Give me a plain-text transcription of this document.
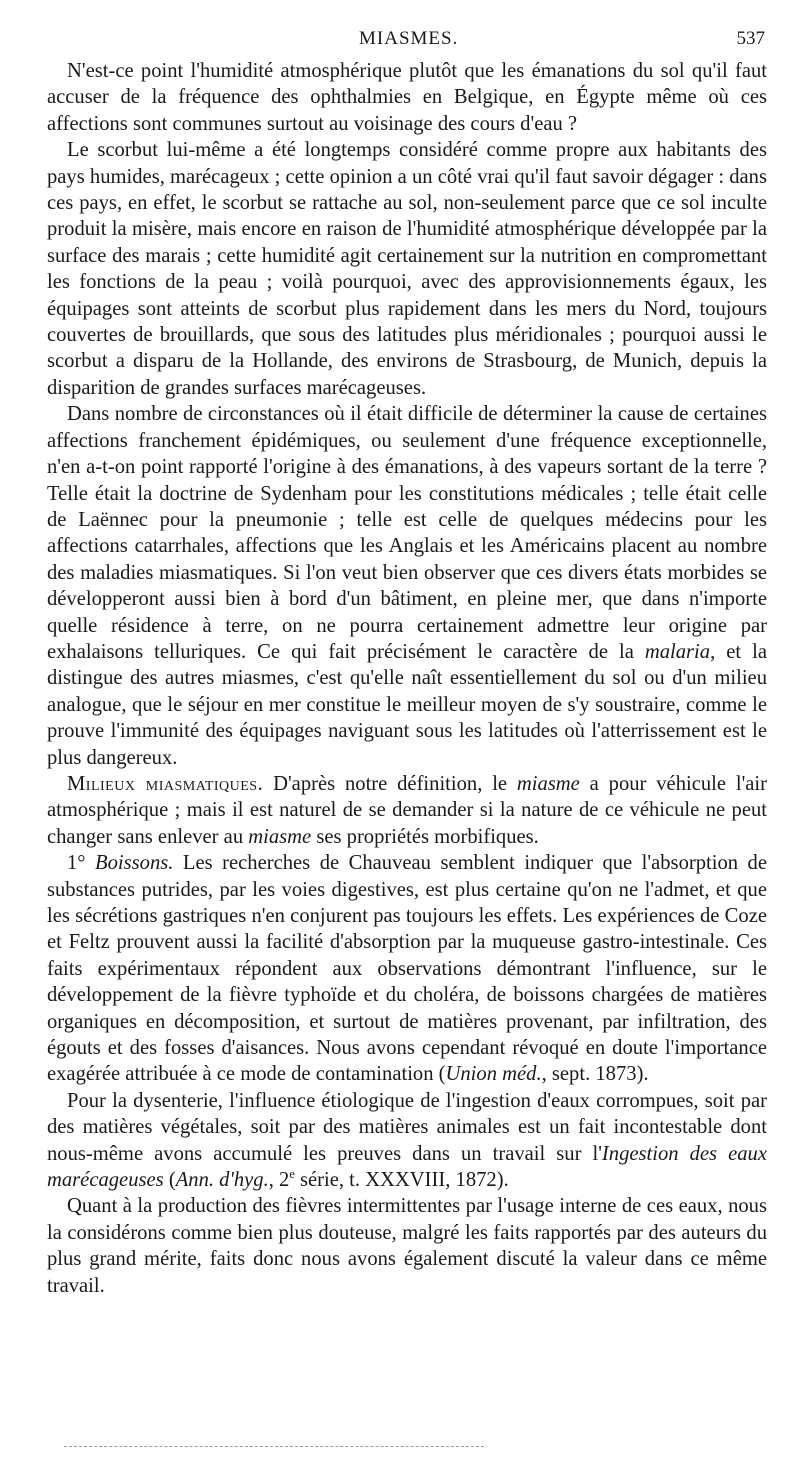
MIASMES.	537

N'est-ce point l'humidité atmosphérique plutôt que les émanations du sol qu'il faut accuser de la fréquence des ophthalmies en Belgique, en Égypte même où ces affections sont communes surtout au voisinage des cours d'eau ?

Le scorbut lui-même a été longtemps considéré comme propre aux habitants des pays humides, marécageux ; cette opinion a un côté vrai qu'il faut savoir dégager : dans ces pays, en effet, le scorbut se rattache au sol, non-seulement parce que ce sol inculte produit la misère, mais encore en raison de l'humidité atmosphérique développée par la surface des marais ; cette humidité agit certainement sur la nutrition en compromettant les fonctions de la peau ; voilà pourquoi, avec des approvisionnements égaux, les équipages sont atteints de scorbut plus rapidement dans les mers du Nord, toujours couvertes de brouillards, que sous des latitudes plus méridionales ; pourquoi aussi le scorbut a disparu de la Hollande, des environs de Strasbourg, de Munich, depuis la disparition de grandes surfaces marécageuses.

Dans nombre de circonstances où il était difficile de déterminer la cause de certaines affections franchement épidémiques, ou seulement d'une fréquence exceptionnelle, n'en a-t-on point rapporté l'origine à des émanations, à des vapeurs sortant de la terre ? Telle était la doctrine de Sydenham pour les constitutions médicales ; telle était celle de Laënnec pour la pneumonie ; telle est celle de quelques médecins pour les affections catarrhales, affections que les Anglais et les Américains placent au nombre des maladies miasmatiques. Si l'on veut bien observer que ces divers états morbides se développeront aussi bien à bord d'un bâtiment, en pleine mer, que dans n'importe quelle résidence à terre, on ne pourra certainement admettre leur origine par exhalaisons telluriques. Ce qui fait précisément le caractère de la malaria, et la distingue des autres miasmes, c'est qu'elle naît essentiellement du sol ou d'un milieu analogue, que le séjour en mer constitue le meilleur moyen de s'y soustraire, comme le prouve l'immunité des équipages naviguant sous les latitudes où l'atterrissement est le plus dangereux.

Milieux miasmatiques. D'après notre définition, le miasme a pour véhicule l'air atmosphérique ; mais il est naturel de se demander si la nature de ce véhicule ne peut changer sans enlever au miasme ses propriétés morbifiques.

1° Boissons. Les recherches de Chauveau semblent indiquer que l'absorption de substances putrides, par les voies digestives, est plus certaine qu'on ne l'admet, et que les sécrétions gastriques n'en conjurent pas toujours les effets. Les expériences de Coze et Feltz prouvent aussi la facilité d'absorption par la muqueuse gastro-intestinale. Ces faits expérimentaux répondent aux observations démontrant l'influence, sur le développement de la fièvre typhoïde et du choléra, de boissons chargées de matières organiques en décomposition, et surtout de matières provenant, par infiltration, des égouts et des fosses d'aisances. Nous avons cependant révoqué en doute l'importance exagérée attribuée à ce mode de contamination (Union méd., sept. 1873).

Pour la dysenterie, l'influence étiologique de l'ingestion d'eaux corrompues, soit par des matières végétales, soit par des matières animales est un fait incontestable dont nous-même avons accumulé les preuves dans un travail sur l'Ingestion des eaux marécageuses (Ann. d'hyg., 2e série, t. XXXVIII, 1872).

Quant à la production des fièvres intermittentes par l'usage interne de ces eaux, nous la considérons comme bien plus douteuse, malgré les faits rapportés par des auteurs du plus grand mérite, faits donc nous avons également discuté la valeur dans ce même travail.
